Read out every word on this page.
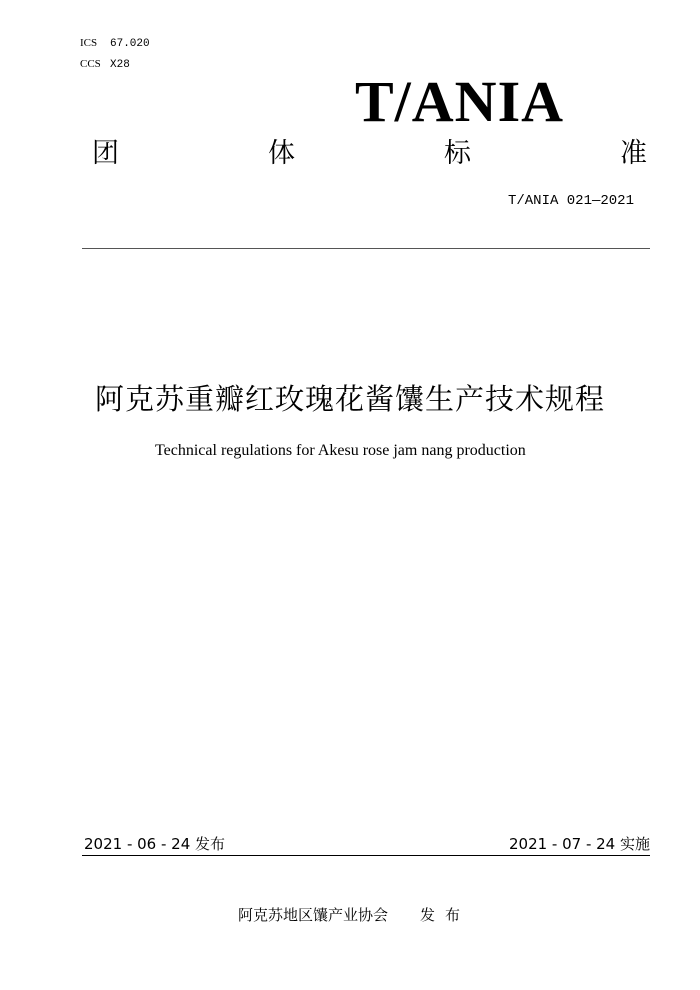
ICS 67.020
CCS X28
T/ANIA
团	体	标	准
T/ANIA 021—2021
阿克苏重瓣红玫瑰花酱馕生产技术规程
Technical regulations for Akesu rose jam nang production
2021 - 06 - 24 发布	2021 - 07 - 24 实施
阿克苏地区馕产业协会 发布
